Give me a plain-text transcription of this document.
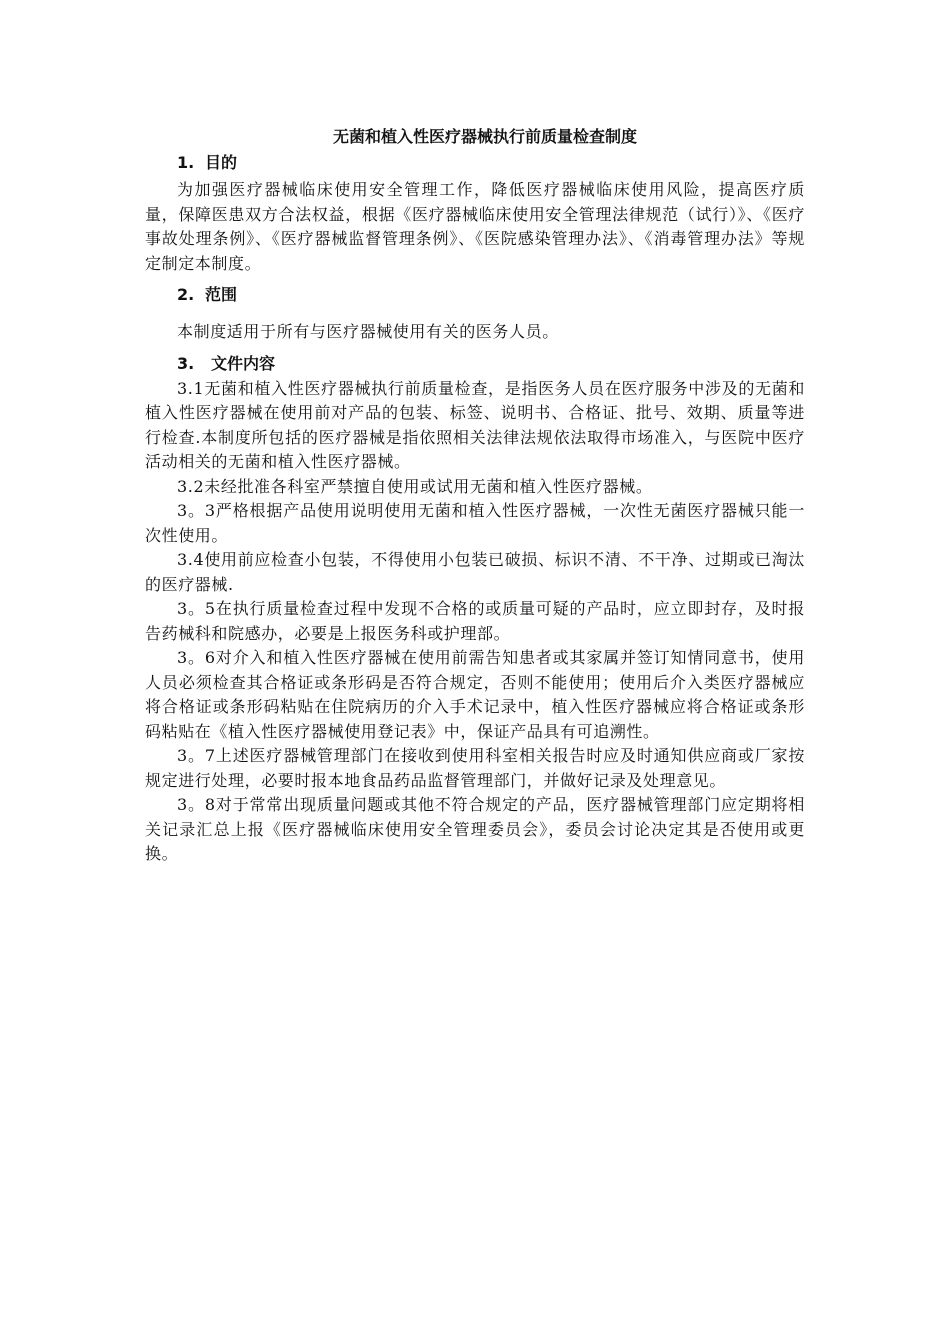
无菌和植入性医疗器械执行前质量检查制度
1. 目的

为加强医疗器械临床使用安全管理工作，降低医疗器械临床使用风险，提高医疗质量，保障医患双方合法权益，根据《医疗器械临床使用安全管理法律规范（试行）》、《医疗事故处理条例》、《医疗器械监督管理条例》、《医院感染管理办法》、《消毒管理办法》等规定制定本制度。

2. 范围

本制度适用于所有与医疗器械使用有关的医务人员。

3.	文件内容

3.1无菌和植入性医疗器械执行前质量检查，是指医务人员在医疗服务中涉及的无菌和植入性医疗器械在使用前对产品的包装、标签、说明书、合格证、批号、效期、质量等进行检查.本制度所包括的医疗器械是指依照相关法律法规依法取得市场准入，与医院中医疗活动相关的无菌和植入性医疗器械。

3.2未经批准各科室严禁擅自使用或试用无菌和植入性医疗器械。

3。3严格根据产品使用说明使用无菌和植入性医疗器械，一次性无菌医疗器械只能一次性使用。

3.4使用前应检查小包装，不得使用小包装已破损、标识不清、不干净、过期或已淘汰的医疗器械.

3。5在执行质量检查过程中发现不合格的或质量可疑的产品时，应立即封存，及时报告药械科和院感办，必要是上报医务科或护理部。

3。6对介入和植入性医疗器械在使用前需告知患者或其家属并签订知情同意书，使用人员必须检查其合格证或条形码是否符合规定，否则不能使用；使用后介入类医疗器械应将合格证或条形码粘贴在住院病历的介入手术记录中，植入性医疗器械应将合格证或条形码粘贴在《植入性医疗器械使用登记表》中，保证产品具有可追溯性。

3。7上述医疗器械管理部门在接收到使用科室相关报告时应及时通知供应商或厂家按规定进行处理，必要时报本地食品药品监督管理部门，并做好记录及处理意见。

3。8对于常常出现质量问题或其他不符合规定的产品，医疗器械管理部门应定期将相关记录汇总上报《医疗器械临床使用安全管理委员会》，委员会讨论决定其是否使用或更换。
